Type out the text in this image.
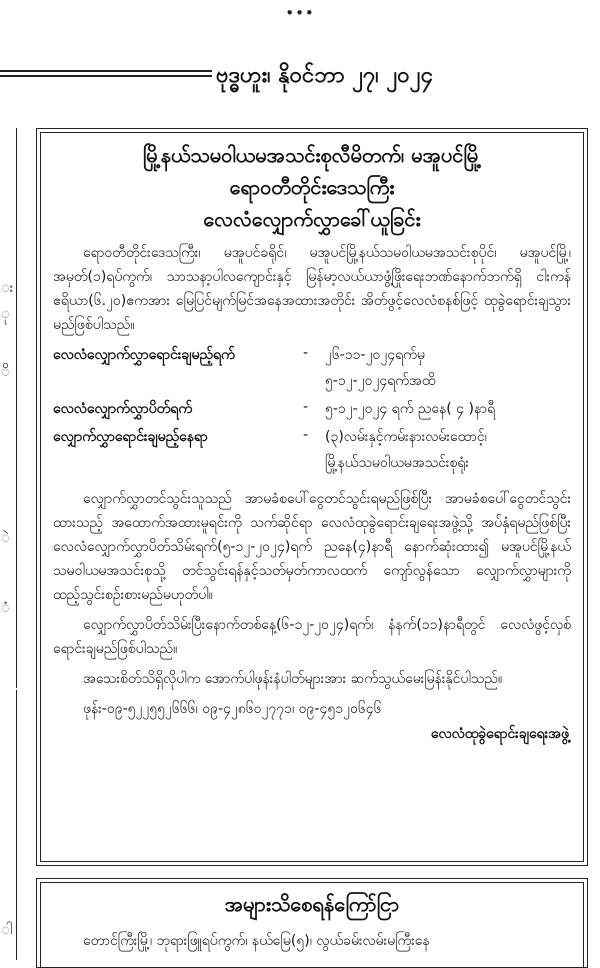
•••
ဗုဒ္ဓဟူး၊ နိုဝင်ဘာ ၂၇၊ ၂၀၂၄
း
ု
ိ
ဲ
ံ
ါ
မြို့နယ်သမဝါယမအသင်းစုလီမိတက်၊ မအူပင်မြို့
ရောဝတီတိုင်းဒေသကြီး
လေလံလျှောက်လွှာခေါ်ယူခြင်း
ရောဝတီတိုင်းဒေသကြီး၊ မအူပင်ခရိုင်၊ မအူပင်မြို့နယ်သမဝါယမအသင်းစုပိုင်၊ မအူပင်မြို့၊ အမှတ်(၁)ရပ်ကွက်၊ သာသနာ့ပါလကျောင်းနှင့် မြန်မာ့လယ်ယာဖွံ့ဖြိုးရေးဘဏ်နောက်ဘက်ရှိ ငါးကန်ဧရိယာ(၆.၂၀)ဧကအား မြေပြင်မျက်မြင်အနေအထားအတိုင်း အိတ်ဖွင့်လေလံစနစ်ဖြင့် ထုခွဲရောင်းချသွားမည်ဖြစ်ပါသည်။
လေလံလျှောက်လွှာရောင်းချမည့်ရက်	- ၂၆-၁၁-၂၀၂၄ရက်မှ
၅-၁၂-၂၀၂၄ရက်အထိ
လေလံလျှောက်လွှာပိတ်ရက်	- ၅-၁၂-၂၀၂၄ ရက် ညနေ( ၄ )နာရီ
လျှောက်လွှာရောင်းချမည့်နေရာ	- (၃)လမ်းနှင့်ကမ်းနားလမ်းထောင့်၊
မြို့နယ်သမဝါယမအသင်းစုရုံး
လျှောက်လွှာတင်သွင်းသူသည် အာမခံစပေါ်ငွေတင်သွင်းရမည်ဖြစ်ပြီး အာမခံစပေါ်ငွေတင်သွင်းထားသည့် အထောက်အထားမူရင်းကို သက်ဆိုင်ရာ လေလံထုခွဲရောင်းချရေးအဖွဲ့သို့ အပ်နှံရမည်ဖြစ်ပြီး လေလံလျှောက်လွှာပိတ်သိမ်းရက်(၅-၁၂-၂၀၂၄)ရက် ညနေ(၄)နာရီ နောက်ဆုံးထား၍ မအူပင်မြို့နယ်သမဝါယမအသင်းစုသို့ တင်သွင်းရန်နှင့်သတ်မှတ်ကာလထက် ကျော်လွန်သော လျှောက်လွှာများကိုထည့်သွင်းစဉ်းစားမည်မဟုတ်ပါ။
လျှောက်လွှာပိတ်သိမ်းပြီးနောက်တစ်နေ့(၆-၁၂-၂၀၂၄)ရက်၊ နံနက်(၁၁)နာရီတွင် လေလံဖွင့်လှစ် ရောင်းချမည်ဖြစ်ပါသည်။
အသေးစိတ်သိရှိလိုပါက အောက်ပါဖုန်းနံပါတ်များအား ဆက်သွယ်မေးမြန်းနိုင်ပါသည်။
ဖုန်း-၀၉-၅၂၂၅၅၂၆၆၆၊ ၀၉-၄၂၈၆၀၂၇၇၁၊ ၀၉-၄၅၁၂၀၆၄၆
လေလံထုခွဲရောင်းချရေးအဖွဲ့
အများသိစေရန်ကြော်ငြာ
တောင်ကြီးမြို့၊ ဘုရားဖြူရပ်ကွက်၊ နယ်မြေ(၅)၊ လွယ်ခမ်းလမ်းမကြီးနေ
